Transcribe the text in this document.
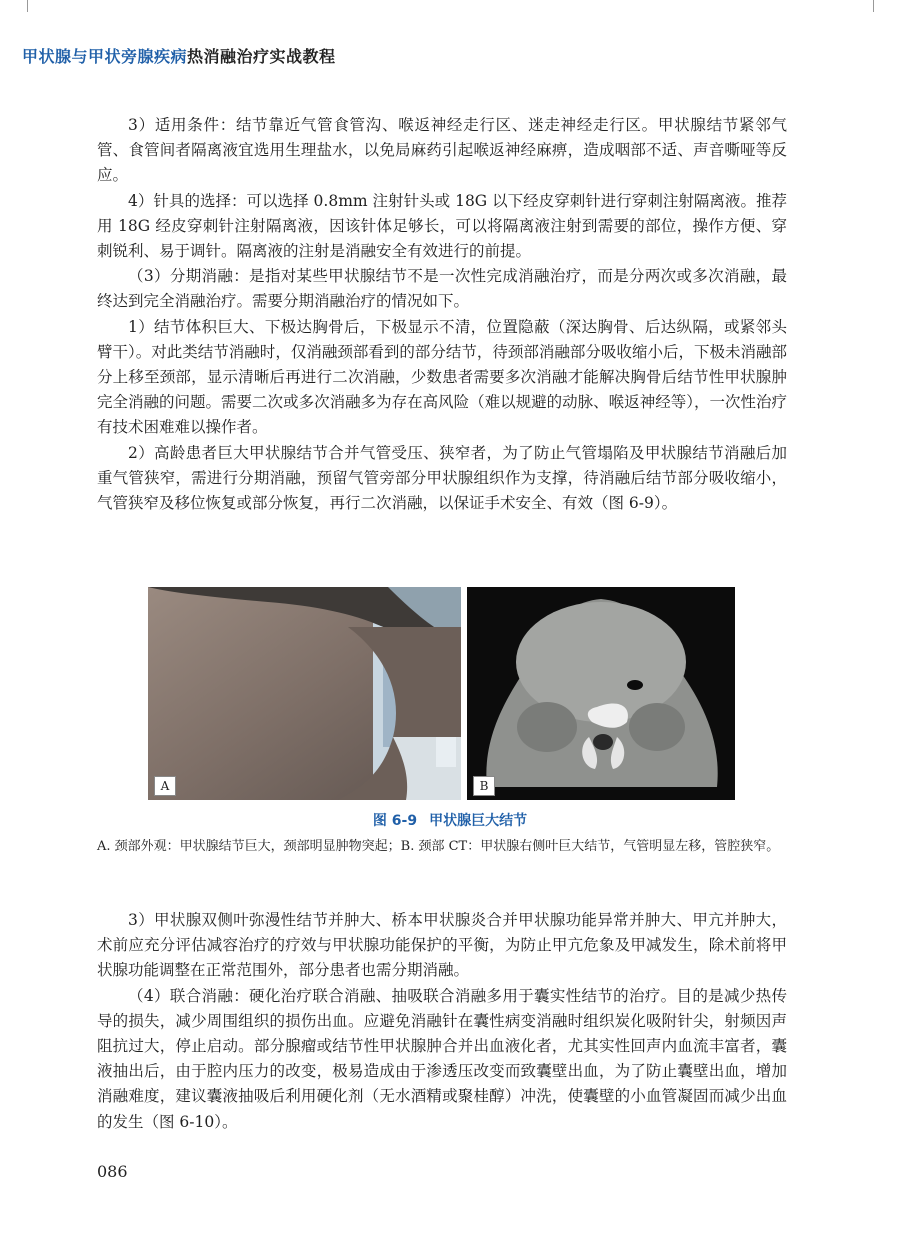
甲状腺与甲状旁腺疾病热消融治疗实战教程

3）适用条件：结节靠近气管食管沟、喉返神经走行区、迷走神经走行区。甲状腺结节紧邻气管、食管间者隔离液宜选用生理盐水，以免局麻药引起喉返神经麻痹，造成咽部不适、声音嘶哑等反应。

4）针具的选择：可以选择 0.8mm 注射针头或 18G 以下经皮穿刺针进行穿刺注射隔离液。推荐用 18G 经皮穿刺针注射隔离液，因该针体足够长，可以将隔离液注射到需要的部位，操作方便、穿刺锐利、易于调针。隔离液的注射是消融安全有效进行的前提。

（3）分期消融：是指对某些甲状腺结节不是一次性完成消融治疗，而是分两次或多次消融，最终达到完全消融治疗。需要分期消融治疗的情况如下。

1）结节体积巨大、下极达胸骨后，下极显示不清，位置隐蔽（深达胸骨、后达纵隔，或紧邻头臂干）。对此类结节消融时，仅消融颈部看到的部分结节，待颈部消融部分吸收缩小后，下极未消融部分上移至颈部，显示清晰后再进行二次消融，少数患者需要多次消融才能解决胸骨后结节性甲状腺肿完全消融的问题。需要二次或多次消融多为存在高风险（难以规避的动脉、喉返神经等），一次性治疗有技术困难难以操作者。

2）高龄患者巨大甲状腺结节合并气管受压、狭窄者，为了防止气管塌陷及甲状腺结节消融后加重气管狭窄，需进行分期消融，预留气管旁部分甲状腺组织作为支撑，待消融后结节部分吸收缩小，气管狭窄及移位恢复或部分恢复，再行二次消融，以保证手术安全、有效（图 6-9）。

A	B
图 6-9 甲状腺巨大结节
A. 颈部外观：甲状腺结节巨大，颈部明显肿物突起；B. 颈部 CT：甲状腺右侧叶巨大结节，气管明显左移，管腔狭窄。

3）甲状腺双侧叶弥漫性结节并肿大、桥本甲状腺炎合并甲状腺功能异常并肿大、甲亢并肿大，术前应充分评估减容治疗的疗效与甲状腺功能保护的平衡，为防止甲亢危象及甲减发生，除术前将甲状腺功能调整在正常范围外，部分患者也需分期消融。

（4）联合消融：硬化治疗联合消融、抽吸联合消融多用于囊实性结节的治疗。目的是减少热传导的损失，减少周围组织的损伤出血。应避免消融针在囊性病变消融时组织炭化吸附针尖，射频因声阻抗过大，停止启动。部分腺瘤或结节性甲状腺肿合并出血液化者，尤其实性回声内血流丰富者，囊液抽出后，由于腔内压力的改变，极易造成由于渗透压改变而致囊壁出血，为了防止囊壁出血，增加消融难度，建议囊液抽吸后利用硬化剂（无水酒精或聚桂醇）冲洗，使囊壁的小血管凝固而减少出血的发生（图 6-10）。

086
